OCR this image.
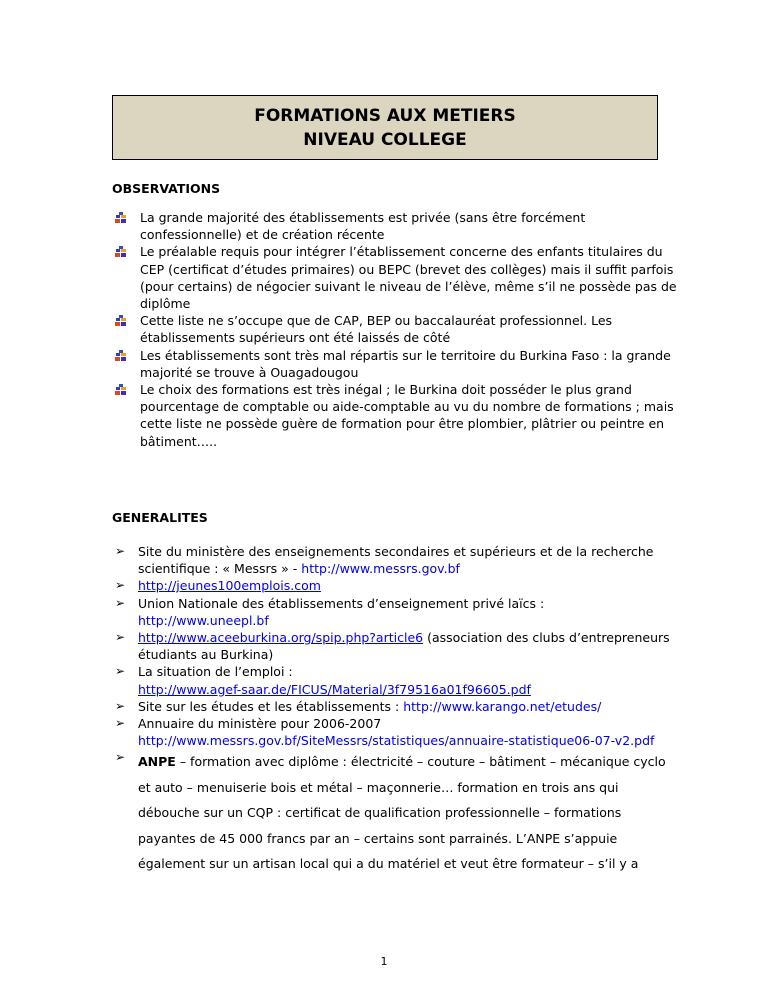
FORMATIONS AUX METIERS
NIVEAU COLLEGE
OBSERVATIONS
La grande majorité des établissements est privée (sans être forcément confessionnelle) et de création récente
Le préalable requis pour intégrer l’établissement concerne des enfants titulaires du CEP (certificat d’études primaires) ou BEPC (brevet des collèges) mais il suffit parfois (pour certains) de négocier suivant le niveau de l’élève, même s’il ne possède pas de diplôme
Cette liste ne s’occupe que de CAP, BEP ou baccalauréat professionnel. Les établissements supérieurs ont été laissés de côté
Les établissements sont très mal répartis sur le territoire du Burkina Faso : la grande majorité se trouve à Ouagadougou
Le choix des formations est très inégal ; le Burkina doit posséder le plus grand pourcentage de comptable ou aide-comptable au vu du nombre de formations ; mais cette liste ne possède guère de formation pour être plombier, plâtrier ou peintre en bâtiment…..
GENERALITES
➢ Site du ministère des enseignements secondaires et supérieurs et de la recherche scientifique : « Messrs » - http://www.messrs.gov.bf
➢ http://jeunes100emplois.com
➢ Union Nationale des établissements d’enseignement privé laïcs :
http://www.uneepl.bf
➢ http://www.aceeburkina.org/spip.php?article6 (association des clubs d’entrepreneurs étudiants au Burkina)
➢ La situation de l’emploi :
http://www.agef-saar.de/FICUS/Material/3f79516a01f96605.pdf
➢ Site sur les études et les établissements : http://www.karango.net/etudes/
➢ Annuaire du ministère pour 2006-2007
http://www.messrs.gov.bf/SiteMessrs/statistiques/annuaire-statistique06-07-v2.pdf
➢ ANPE – formation avec diplôme : électricité – couture – bâtiment – mécanique cyclo et auto – menuiserie bois et métal – maçonnerie… formation en trois ans qui débouche sur un CQP : certificat de qualification professionnelle – formations payantes de 45 000 francs par an – certains sont parrainés. L’ANPE s’appuie également sur un artisan local qui a du matériel et veut être formateur – s’il y a
1
